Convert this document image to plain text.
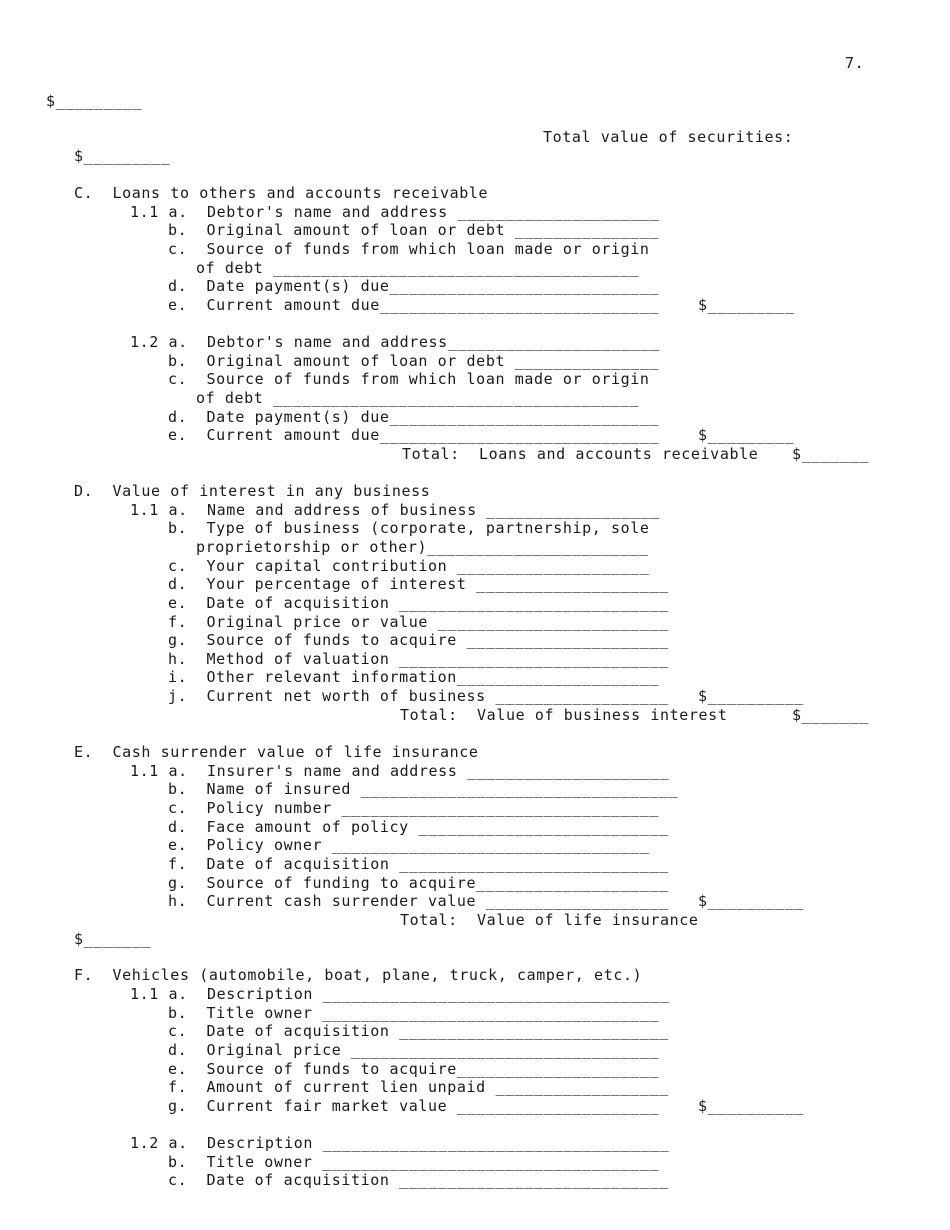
7.
$_________
Total value of securities:
$_________
C.  Loans to others and accounts receivable
1.1 a.  Debtor's name and address _____________________
b.  Original amount of loan or debt _______________
c.  Source of funds from which loan made or origin
of debt ______________________________________
d.  Date payment(s) due____________________________
e.  Current amount due_____________________________	$_________
1.2 a.  Debtor's name and address______________________
b.  Original amount of loan or debt _______________
c.  Source of funds from which loan made or origin
of debt ______________________________________
d.  Date payment(s) due____________________________
e.  Current amount due_____________________________	$_________
Total:  Loans and accounts receivable $_______
D.  Value of interest in any business
1.1 a.  Name and address of business __________________
b.  Type of business (corporate, partnership, sole
proprietorship or other)_______________________
c.  Your capital contribution ____________________
d.  Your percentage of interest ____________________
e.  Date of acquisition ____________________________
f.  Original price or value ________________________
g.  Source of funds to acquire _____________________
h.  Method of valuation ____________________________
i.  Other relevant information_____________________
j.  Current net worth of business __________________ $__________
Total:  Value of business interest	$_______
E.  Cash surrender value of life insurance
1.1 a.  Insurer's name and address _____________________
b.  Name of insured _________________________________
c.  Policy number _________________________________
d.  Face amount of policy __________________________
e.  Policy owner _________________________________
f.  Date of acquisition ____________________________
g.  Source of funding to acquire____________________
h.  Current cash surrender value ___________________ $__________
Total:  Value of life insurance
$_______
F.  Vehicles (automobile, boat, plane, truck, camper, etc.)
1.1 a.  Description ____________________________________
b.  Title owner ___________________________________
c.  Date of acquisition ____________________________
d.  Original price ________________________________
e.  Source of funds to acquire_____________________
f.  Amount of current lien unpaid __________________
g.  Current fair market value _____________________	$__________
1.2 a.  Description ____________________________________
b.  Title owner ___________________________________
c.  Date of acquisition ____________________________
